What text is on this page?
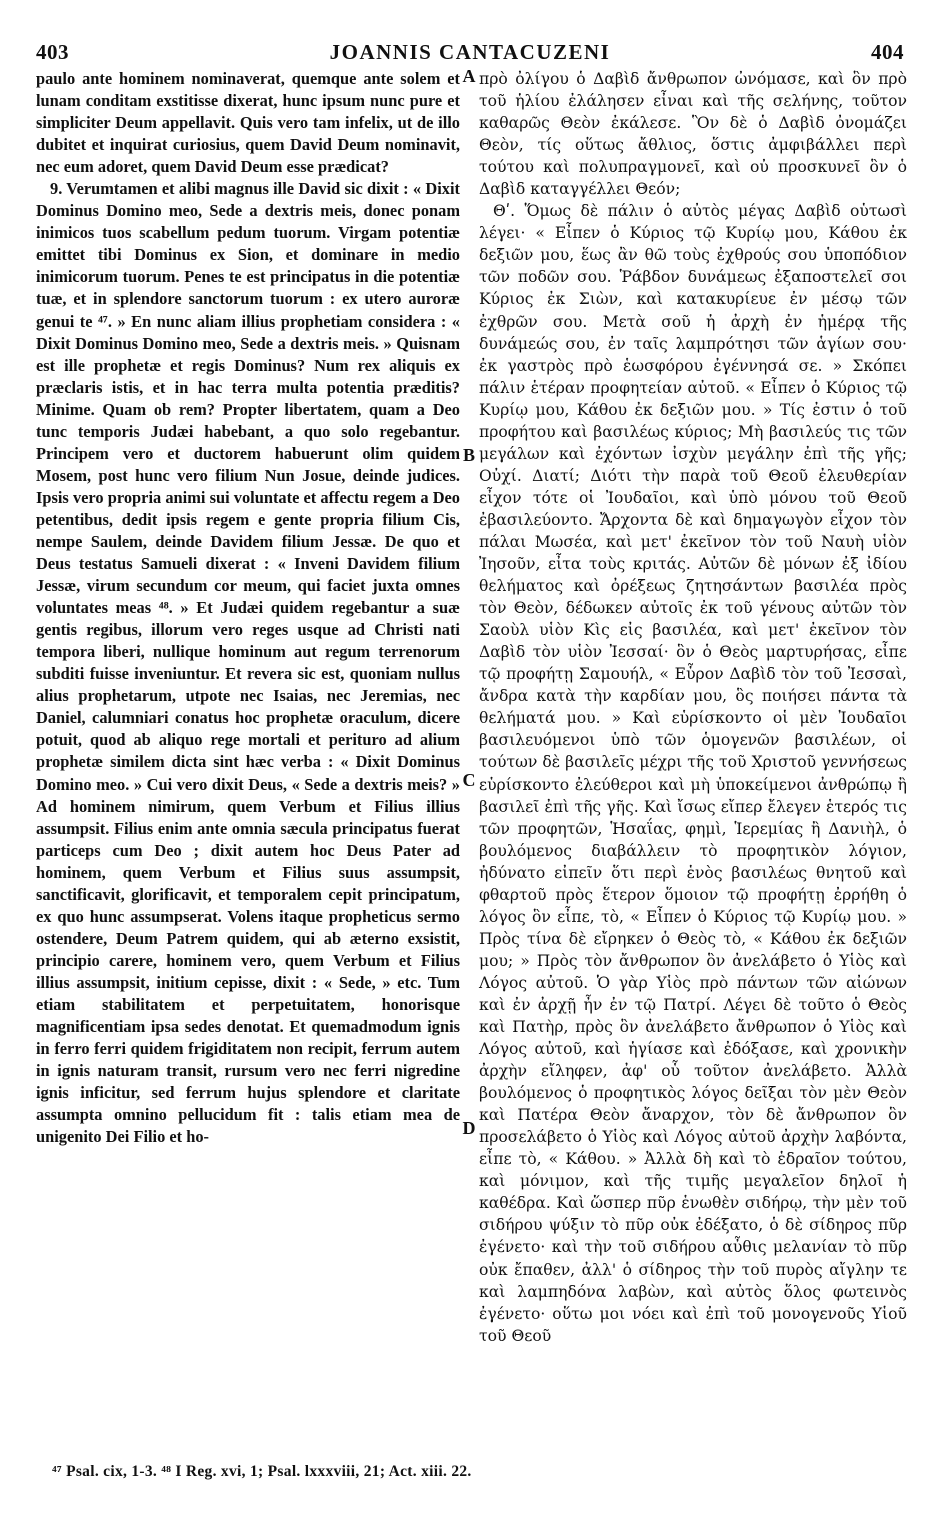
403	JOANNIS CANTACUZENI	404

paulo ante hominem nominaverat, quemque ante solem et lunam conditam exstitisse dixerat, hunc ipsum nunc pure et simpliciter Deum appellavit. Quis vero tam infelix, ut de illo dubitet et inquirat curiosius, quem David Deum nominavit, nec eum adoret, quem David Deum esse prædicat?

9. Verumtamen et alibi magnus ille David sic dixit : « Dixit Dominus Domino meo, Sede a dextris meis, donec ponam inimicos tuos scabellum pedum tuorum. Virgam potentiæ emittet tibi Dominus ex Sion, et dominare in medio inimicorum tuorum. Penes te est principatus in die potentiæ tuæ, et in splendore sanctorum tuorum : ex utero auroræ genui te ⁴⁷. » En nunc aliam illius prophetiam considera : « Dixit Dominus Domino meo, Sede a dextris meis. » Quisnam est ille prophetæ et regis Dominus? Num rex aliquis ex præclaris istis, et in hac terra multa potentia præditis? Minime. Quam ob rem? Propter libertatem, quam a Deo tunc temporis Judæi habebant, a quo solo regebantur. Principem vero et ductorem habuerunt olim quidem Mosem, post hunc vero filium Nun Josue, deinde judices. Ipsis vero propria animi sui voluntate et affectu regem a Deo petentibus, dedit ipsis regem e gente propria filium Cis, nempe Saulem, deinde Davidem filium Jessæ. De quo et Deus testatus Samueli dixerat : « Inveni Davidem filium Jessæ, virum secundum cor meum, qui faciet juxta omnes voluntates meas ⁴⁸. » Et Judæi quidem regebantur a suæ gentis regibus, illorum vero reges usque ad Christi nati tempora liberi, nullique hominum aut regum terrenorum subditi fuisse inveniuntur. Et revera sic est, quoniam nullus alius prophetarum, utpote nec Isaias, nec Jeremias, nec Daniel, calumniari conatus hoc prophetæ oraculum, dicere potuit, quod ab aliquo rege mortali et perituro ad alium prophetæ similem dicta sint hæc verba : « Dixit Dominus Domino meo. » Cui vero dixit Deus, « Sede a dextris meis? » Ad hominem nimirum, quem Verbum et Filius illius assumpsit. Filius enim ante omnia sæcula principatus fuerat particeps cum Deo ; dixit autem hoc Deus Pater ad hominem, quem Verbum et Filius suus assumpsit, sanctificavit, glorificavit, et temporalem cepit principatum, ex quo hunc assumpserat. Volens itaque propheticus sermo ostendere, Deum Patrem quidem, qui ab æterno exsistit, principio carere, hominem vero, quem Verbum et Filius illius assumpsit, initium cepisse, dixit : « Sede, » etc. Tum etiam stabilitatem et perpetuitatem, honorisque magnificentiam ipsa sedes denotat. Et quemadmodum ignis in ferro ferri quidem frigiditatem non recipit, ferrum autem in ignis naturam transit, rursum vero nec ferri nigredine ignis inficitur, sed ferrum hujus splendore et claritate assumpta omnino pellucidum fit : talis etiam mea de unigenito Dei Filio et ho-

A
B
C
D

πρὸ ὀλίγου ὁ Δαβὶδ ἄνθρωπον ὠνόμασε, καὶ ὃν πρὸ τοῦ ἡλίου ἐλάλησεν εἶναι καὶ τῆς σελήνης, τοῦτον καθαρῶς Θεὸν ἐκάλεσε. Ὃν δὲ ὁ Δαβὶδ ὀνομάζει Θεὸν, τίς οὕτως ἄθλιος, ὅστις ἀμφιβάλλει περὶ τούτου καὶ πολυπραγμονεῖ, καὶ οὐ προσκυνεῖ ὃν ὁ Δαβὶδ καταγγέλλει Θεόν;

Θʹ. Ὅμως δὲ πάλιν ὁ αὐτὸς μέγας Δαβὶδ οὑτωσὶ λέγει· « Εἶπεν ὁ Κύριος τῷ Κυρίῳ μου, Κάθου ἐκ δεξιῶν μου, ἕως ἂν θῶ τοὺς ἐχθρούς σου ὑποπόδιον τῶν ποδῶν σου. Ῥάβδον δυνάμεως ἐξαποστελεῖ σοι Κύριος ἐκ Σιὼν, καὶ κατακυρίευε ἐν μέσῳ τῶν ἐχθρῶν σου. Μετὰ σοῦ ἡ ἀρχὴ ἐν ἡμέρᾳ τῆς δυνάμεώς σου, ἐν ταῖς λαμπρότησι τῶν ἁγίων σου· ἐκ γαστρὸς πρὸ ἑωσφόρου ἐγέννησά σε. » Σκόπει πάλιν ἑτέραν προφητείαν αὐτοῦ. « Εἶπεν ὁ Κύριος τῷ Κυρίῳ μου, Κάθου ἐκ δεξιῶν μου. » Τίς ἐστιν ὁ τοῦ προφήτου καὶ βασιλέως κύριος; Μὴ βασιλεύς τις τῶν μεγάλων καὶ ἐχόντων ἰσχὺν μεγάλην ἐπὶ τῆς γῆς; Οὐχί. Διατί; Διότι τὴν παρὰ τοῦ Θεοῦ ἐλευθερίαν εἶχον τότε οἱ Ἰουδαῖοι, καὶ ὑπὸ μόνου τοῦ Θεοῦ ἐβασιλεύοντο. Ἄρχοντα δὲ καὶ δημαγωγὸν εἶχον τὸν πάλαι Μωσέα, καὶ μετ' ἐκεῖνον τὸν τοῦ Ναυὴ υἱὸν Ἰησοῦν, εἶτα τοὺς κριτάς. Αὐτῶν δὲ μόνων ἐξ ἰδίου θελήματος καὶ ὀρέξεως ζητησάντων βασιλέα πρὸς τὸν Θεὸν, δέδωκεν αὐτοῖς ἐκ τοῦ γένους αὐτῶν τὸν Σαοὺλ υἱὸν Κὶς εἰς βασιλέα, καὶ μετ' ἐκεῖνον τὸν Δαβὶδ τὸν υἱὸν Ἰεσσαί· ὃν ὁ Θεὸς μαρτυρήσας, εἶπε τῷ προφήτῃ Σαμουήλ, « Εὗρον Δαβὶδ τὸν τοῦ Ἰεσσαὶ, ἄνδρα κατὰ τὴν καρδίαν μου, ὃς ποιήσει πάντα τὰ θελήματά μου. » Καὶ εὑρίσκοντο οἱ μὲν Ἰουδαῖοι βασιλευόμενοι ὑπὸ τῶν ὁμογενῶν βασιλέων, οἱ τούτων δὲ βασιλεῖς μέχρι τῆς τοῦ Χριστοῦ γεννήσεως εὑρίσκοντο ἐλεύθεροι καὶ μὴ ὑποκείμενοι ἀνθρώπῳ ἢ βασιλεῖ ἐπὶ τῆς γῆς. Καὶ ἴσως εἴπερ ἔλεγεν ἑτερός τις τῶν προφητῶν, Ἡσαΐας, φημὶ, Ἱερεμίας ἢ Δανιὴλ, ὁ βουλόμενος διαβάλλειν τὸ προφητικὸν λόγιον, ἠδύνατο εἰπεῖν ὅτι περὶ ἑνὸς βασιλέως θνητοῦ καὶ φθαρτοῦ πρὸς ἕτερον ὅμοιον τῷ προφήτῃ ἐρρήθη ὁ λόγος ὃν εἶπε, τὸ, « Εἶπεν ὁ Κύριος τῷ Κυρίῳ μου. » Πρὸς τίνα δὲ εἴρηκεν ὁ Θεὸς τὸ, « Κάθου ἐκ δεξιῶν μου; » Πρὸς τὸν ἄνθρωπον ὃν ἀνελάβετο ὁ Υἱὸς καὶ Λόγος αὐτοῦ. Ὁ γὰρ Υἱὸς πρὸ πάντων τῶν αἰώνων καὶ ἐν ἀρχῇ ἦν ἐν τῷ Πατρί. Λέγει δὲ τοῦτο ὁ Θεὸς καὶ Πατὴρ, πρὸς ὃν ἀνελάβετο ἄνθρωπον ὁ Υἱὸς καὶ Λόγος αὐτοῦ, καὶ ἡγίασε καὶ ἐδόξασε, καὶ χρονικὴν ἀρχὴν εἴληφεν, ἀφ' οὗ τοῦτον ἀνελάβετο. Ἀλλὰ βουλόμενος ὁ προφητικὸς λόγος δεῖξαι τὸν μὲν Θεὸν καὶ Πατέρα Θεὸν ἄναρχον, τὸν δὲ ἄνθρωπον ὃν προσελάβετο ὁ Υἱὸς καὶ Λόγος αὐτοῦ ἀρχὴν λαβόντα, εἶπε τὸ, « Κάθου. » Ἀλλὰ δὴ καὶ τὸ ἑδραῖον τούτου, καὶ μόνιμον, καὶ τῆς τιμῆς μεγαλεῖον δηλοῖ ἡ καθέδρα. Καὶ ὥσπερ πῦρ ἑνωθὲν σιδήρῳ, τὴν μὲν τοῦ σιδήρου ψύξιν τὸ πῦρ οὐκ ἐδέξατο, ὁ δὲ σίδηρος πῦρ ἐγένετο· καὶ τὴν τοῦ σιδήρου αὖθις μελανίαν τὸ πῦρ οὐκ ἔπαθεν, ἀλλ' ὁ σίδηρος τὴν τοῦ πυρὸς αἴγλην τε καὶ λαμπηδόνα λαβὼν, καὶ αὐτὸς ὅλος φωτεινὸς ἐγένετο· οὕτω μοι νόει καὶ ἐπὶ τοῦ μονογενοῦς Υἱοῦ τοῦ Θεοῦ

⁴⁷ Psal. cix, 1-3. ⁴⁸ I Reg. xvi, 1; Psal. lxxxviii, 21; Act. xiii. 22.
